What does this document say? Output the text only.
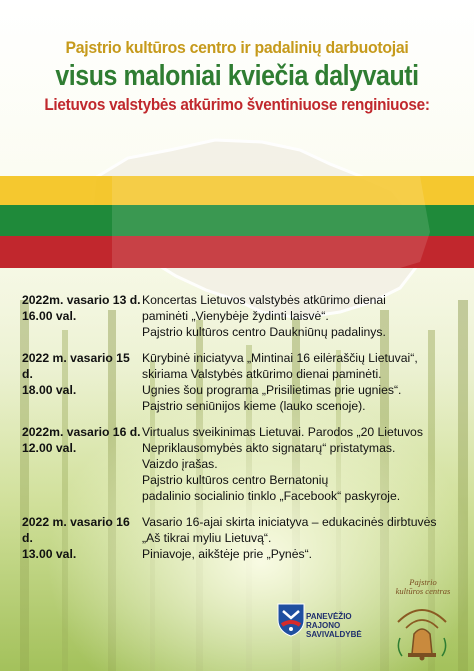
Pajstrio kultūros centro ir padalinių darbuotojai
visus maloniai kviečia dalyvauti
Lietuvos valstybės atkūrimo šventiniuose renginiuose:
2022m. vasario 13 d.
16.00 val.
Koncertas Lietuvos valstybės atkūrimo dienai
paminėti „Vienybėje žydinti laisvė“.
Pajstrio kultūros centro Daukniūnų padalinys.
2022 m. vasario 15 d.
18.00 val.
Kūrybinė iniciatyva „Mintinai 16 eilėraščių Lietuvai“,
skiriama Valstybės atkūrimo dienai paminėti.
Ugnies šou programa „Prisilietimas prie ugnies“.
Pajstrio seniūnijos kieme (lauko scenoje).
2022m. vasario 16 d.
12.00 val.
Virtualus sveikinimas Lietuvai. Parodos „20 Lietuvos
Nepriklausomybės akto signatarų“ pristatymas.
Vaizdo įrašas.
Pajstrio kultūros centro Bernatonių
padalinio socialinio tinklo „Facebook“ paskyroje.
2022 m. vasario 16 d.
13.00 val.
Vasario 16-ajai skirta iniciatyva – edukacinės dirbtuvės
„Aš tikrai myliu Lietuvą“.
Piniavoje, aikštėje prie „Pynės“.
PANEVĖŽIO
RAJONO
SAVIVALDYBĖ
Pajstrio
kultūros centras
